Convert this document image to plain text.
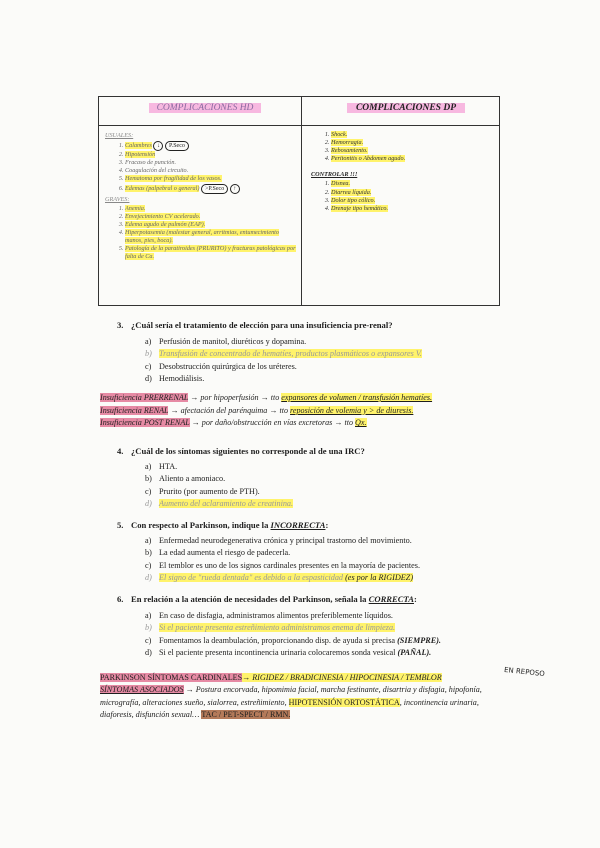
COMPLICACIONES HD	COMPLICACIONES DP
USUALES:
1. Calambres ↓ P.Seco
2. Hipotensión
3. Fracaso de punción.
4. Coagulación del circuito.
5. Hematoma por fragilidad de los vasos.
6. Edemas (palpebral o general) >P.Seco ↑
GRAVES:
1. Anemia.
2. Envejecimiento CV acelerado.
3. Edema agudo de pulmón (EAP).
4. Hiperpotasemia (malestar general, arritmias, entumecimiento manos, pies, boca).
5. Patología de la paratiroides (PRURITO) y fracturas patológicas por falta de Ca.
1. Shock.
2. Hemorragia.
3. Rebosamiento.
4. Peritonitis o Abdomen agudo.
CONTROLAR !!!
1. Disnea.
2. Diarrea líquida.
3. Dolor tipo cólico.
4. Drenaje tipo hemático.
3. ¿Cuál sería el tratamiento de elección para una insuficiencia pre-renal?
a) Perfusión de manitol, diuréticos y dopamina.
b) Transfusión de concentrado de hematíes, productos plasmáticos o expansores V.
c) Desobstrucción quirúrgica de los uréteres.
d) Hemodiálisis.
Insuficiencia PRERRENAL → por hipoperfusión → tto expansores de volumen / transfusión hematíes.
Insuficiencia RENAL → afectación del parénquima → tto reposición de volemia y > de diuresis.
Insuficiencia POST RENAL → por daño/obstrucción en vías excretoras → tto Qx.
4. ¿Cuál de los síntomas siguientes no corresponde al de una IRC?
a) HTA.
b) Aliento a amoniaco.
c) Prurito (por aumento de PTH).
d) Aumento del aclaramiento de creatinina.
5. Con respecto al Parkinson, indique la INCORRECTA:
a) Enfermedad neurodegenerativa crónica y principal trastorno del movimiento.
b) La edad aumenta el riesgo de padecerla.
c) El temblor es uno de los signos cardinales presentes en la mayoría de pacientes.
d) El signo de "rueda dentada" es debido a la espasticidad (es por la RIGIDEZ)
6. En relación a la atención de necesidades del Parkinson, señala la CORRECTA:
a) En caso de disfagia, administramos alimentos preferiblemente líquidos.
b) Si el paciente presenta estreñimiento administramos enema de limpieza.
c) Fomentamos la deambulación, proporcionando disp. de ayuda si precisa (SIEMPRE).
d) Si el paciente presenta incontinencia urinaria colocaremos sonda vesical (PAÑAL).
PARKINSON SÍNTOMAS CARDINALES→ RIGIDEZ / BRADICINESIA / HIPOCINESIA / TEMBLOR
SÍNTOMAS ASOCIADOS → Postura encorvada, hipomimia facial, marcha festinante, disartria y disfagia, hipofonía, micrografía, alteraciones sueño, sialorrea, estreñimiento, HIPOTENSIÓN ORTOSTÁTICA, incontinencia urinaria, diaforesis, disfunción sexual… TAC / PET-SPECT / RMN.
EN REPOSO
